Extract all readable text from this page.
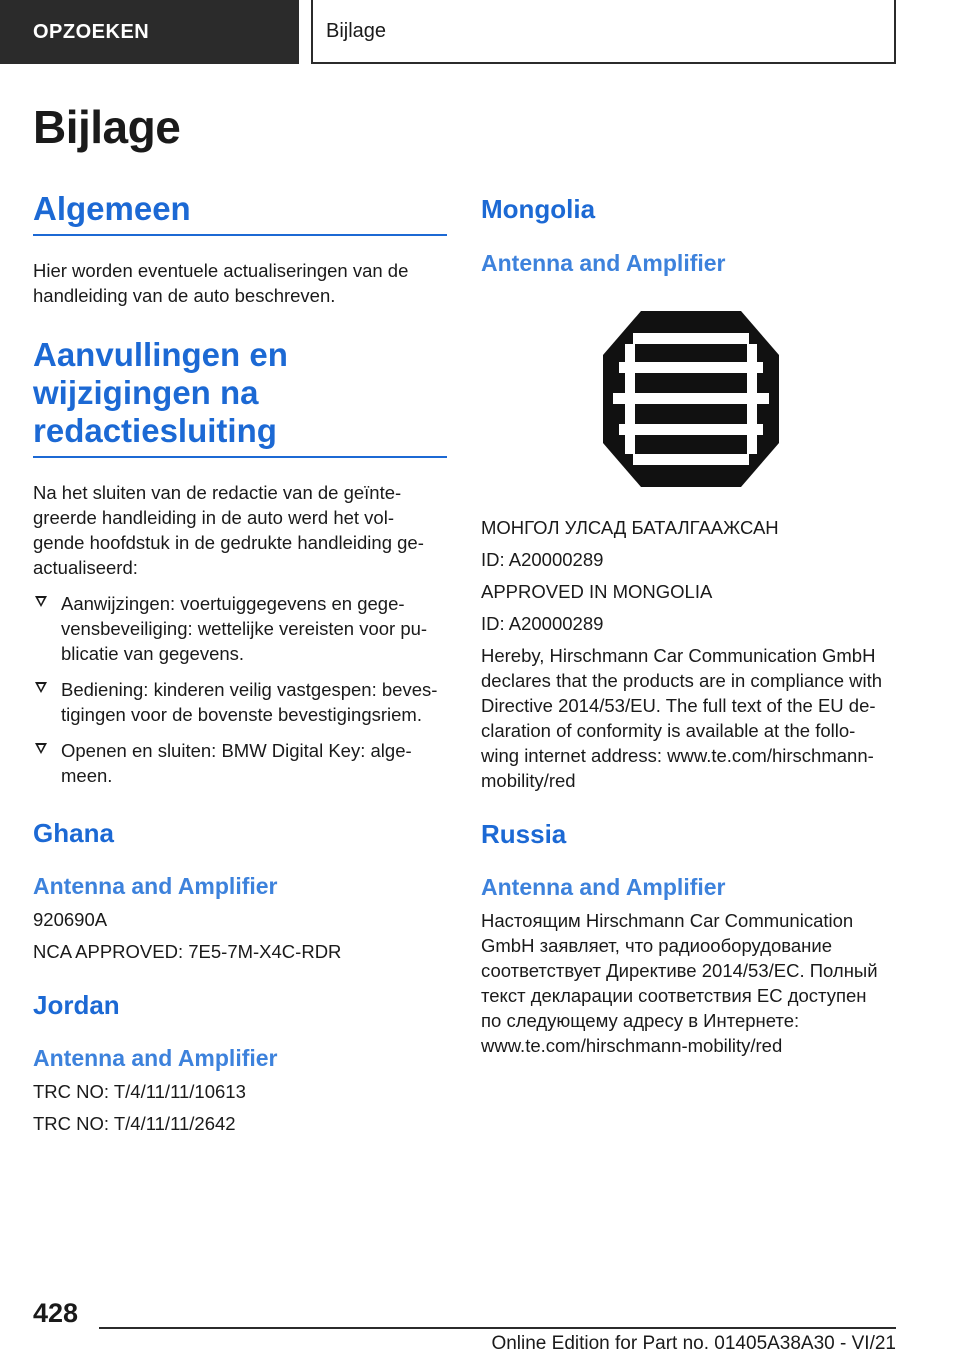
OPZOEKEN	Bijlage
Bijlage
Algemeen

Hier worden eventuele actualiseringen van de handleiding van de auto beschreven.

Aanvullingen en
wijzigingen na
redactiesluiting

Na het sluiten van de redactie van de geïnte-

greerde handleiding in de auto werd het vol-

gende hoofdstuk in de gedrukte handleiding ge-

actualiseerd:

Aanwijzingen: voertuiggegevens en gege-
vensbeveiliging: wettelijke vereisten voor pu-
blicatie van gegevens.
Bediening: kinderen veilig vastgespen: beves-
tigingen voor de bovenste bevestigingsriem.
Openen en sluiten: BMW Digital Key: alge-
meen.
Ghana
Antenna and Amplifier

920690A

NCA APPROVED: 7E5-7M-X4C-RDR

Jordan
Antenna and Amplifier

TRC NO: T/4/11/11/10613

TRC NO: T/4/11/11/2642

Mongolia
Antenna and Amplifier

МОНГОЛ УЛСАД БАТАЛГААЖСАН

ID: A20000289

APPROVED IN MONGOLIA

ID: A20000289

Hereby, Hirschmann Car Communication GmbH

declares that the products are in compliance with

Directive 2014/53/EU. The full text of the EU de-

claration of conformity is available at the follo-

wing internet address: www.te.com/hirschmann-

mobility/red

Russia
Antenna and Amplifier

Настоящим Hirschmann Car Communication

GmbH заявляет, что радиооборудование

соответствует Директиве 2014/53/EC. Полный

текст декларации соответствия ЕС доступен

по следующему адресу в Интернете:

www.te.com/hirschmann-mobility/red

428
Online Edition for Part no. 01405A38A30 - VI/21
